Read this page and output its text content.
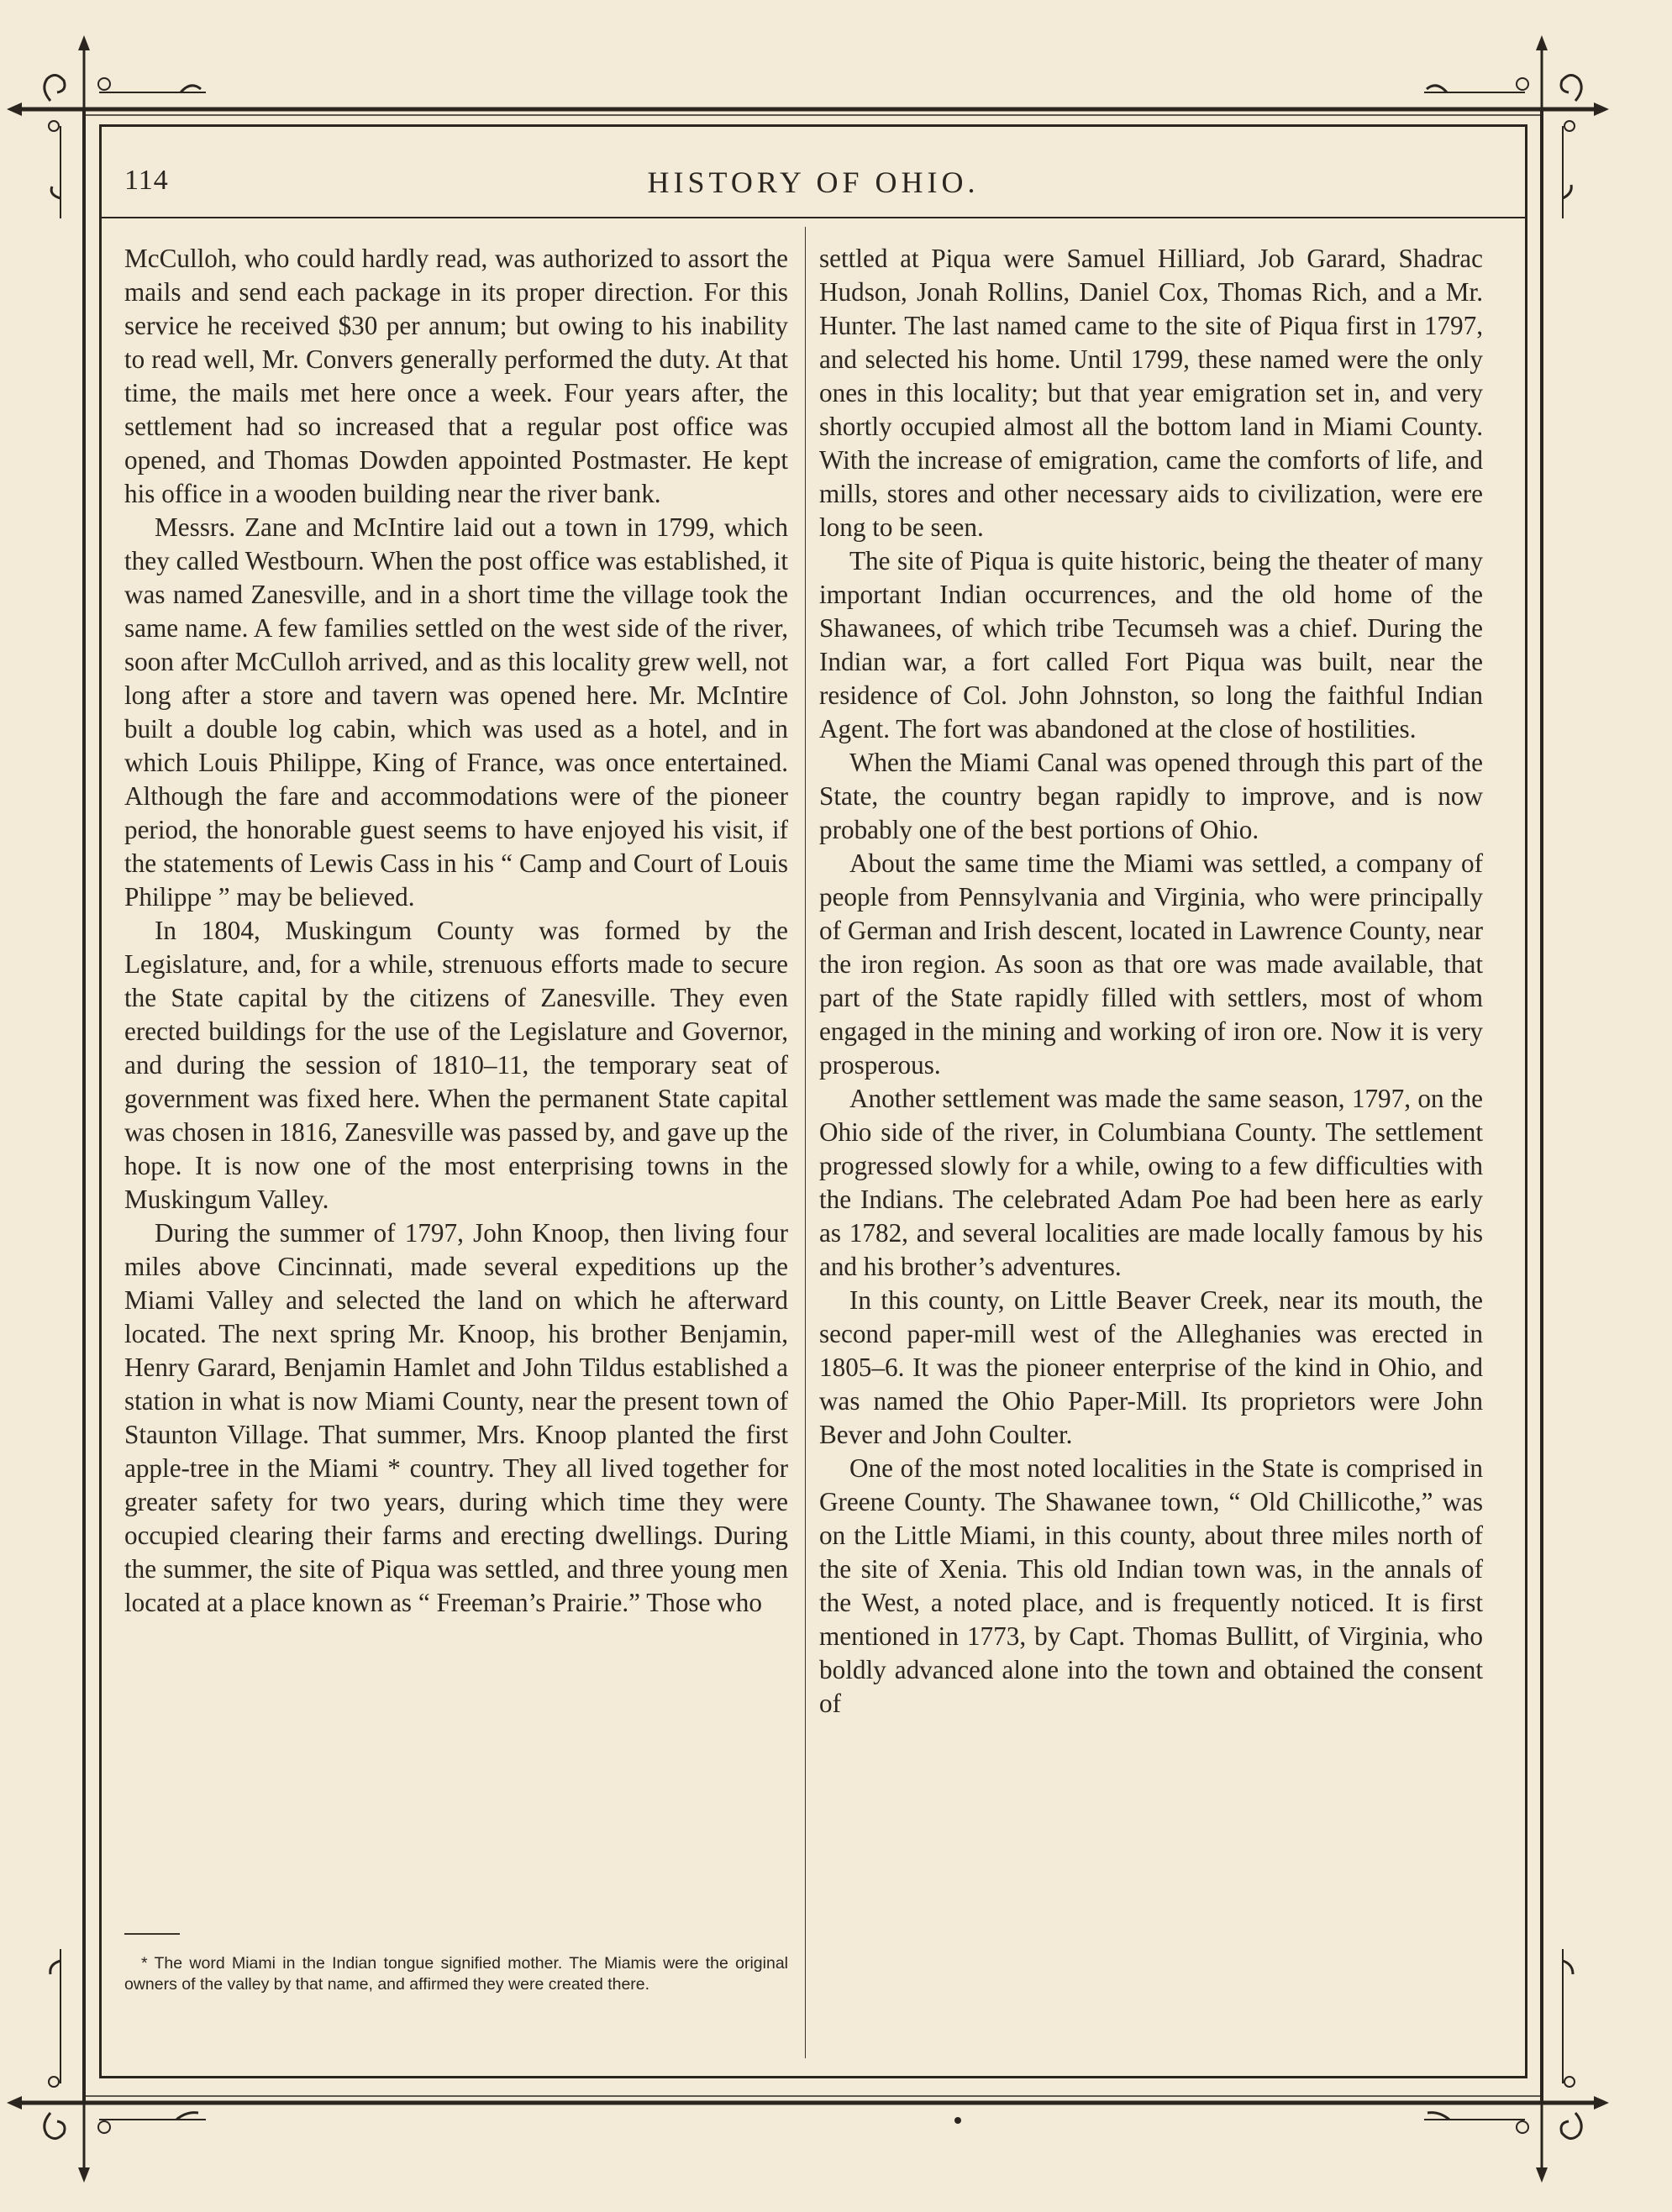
114	HISTORY OF OHIO.

McCulloh, who could hardly read, was authorized to assort the mails and send each package in its proper direction. For this service he received $30 per annum; but owing to his inability to read well, Mr. Convers generally performed the duty. At that time, the mails met here once a week. Four years after, the settlement had so increased that a regular post office was opened, and Thomas Dowden appointed Postmaster. He kept his office in a wooden building near the river bank.

Messrs. Zane and McIntire laid out a town in 1799, which they called Westbourn. When the post office was established, it was named Zanesville, and in a short time the village took the same name. A few families settled on the west side of the river, soon after McCulloh arrived, and as this locality grew well, not long after a store and tavern was opened here. Mr. McIntire built a double log cabin, which was used as a hotel, and in which Louis Philippe, King of France, was once entertained. Although the fare and accommodations were of the pioneer period, the honorable guest seems to have enjoyed his visit, if the statements of Lewis Cass in his “ Camp and Court of Louis Philippe ” may be believed.

In 1804, Muskingum County was formed by the Legislature, and, for a while, strenuous efforts made to secure the State capital by the citizens of Zanesville. They even erected buildings for the use of the Legislature and Governor, and during the session of 1810–11, the temporary seat of government was fixed here. When the permanent State capital was chosen in 1816, Zanesville was passed by, and gave up the hope. It is now one of the most enterprising towns in the Muskingum Valley.

During the summer of 1797, John Knoop, then living four miles above Cincinnati, made several expeditions up the Miami Valley and selected the land on which he afterward located. The next spring Mr. Knoop, his brother Benjamin, Henry Garard, Benjamin Hamlet and John Tildus established a station in what is now Miami County, near the present town of Staunton Village. That summer, Mrs. Knoop planted the first apple-tree in the Miami * country. They all lived together for greater safety for two years, during which time they were occupied clearing their farms and erecting dwellings. During the summer, the site of Piqua was settled, and three young men located at a place known as “ Freeman’s Prairie.” Those who

settled at Piqua were Samuel Hilliard, Job Garard, Shadrac Hudson, Jonah Rollins, Daniel Cox, Thomas Rich, and a Mr. Hunter. The last named came to the site of Piqua first in 1797, and selected his home. Until 1799, these named were the only ones in this locality; but that year emigration set in, and very shortly occupied almost all the bottom land in Miami County. With the increase of emigration, came the comforts of life, and mills, stores and other necessary aids to civilization, were ere long to be seen.

The site of Piqua is quite historic, being the theater of many important Indian occurrences, and the old home of the Shawanees, of which tribe Tecumseh was a chief. During the Indian war, a fort called Fort Piqua was built, near the residence of Col. John Johnston, so long the faithful Indian Agent. The fort was abandoned at the close of hostilities.

When the Miami Canal was opened through this part of the State, the country began rapidly to improve, and is now probably one of the best portions of Ohio.

About the same time the Miami was settled, a company of people from Pennsylvania and Virginia, who were principally of German and Irish descent, located in Lawrence County, near the iron region. As soon as that ore was made available, that part of the State rapidly filled with settlers, most of whom engaged in the mining and working of iron ore. Now it is very prosperous.

Another settlement was made the same season, 1797, on the Ohio side of the river, in Columbiana County. The settlement progressed slowly for a while, owing to a few difficulties with the Indians. The celebrated Adam Poe had been here as early as 1782, and several localities are made locally famous by his and his brother’s adventures.

In this county, on Little Beaver Creek, near its mouth, the second paper-mill west of the Alleghanies was erected in 1805–6. It was the pioneer enterprise of the kind in Ohio, and was named the Ohio Paper-Mill. Its proprietors were John Bever and John Coulter.

One of the most noted localities in the State is comprised in Greene County. The Shawanee town, “ Old Chillicothe,” was on the Little Miami, in this county, about three miles north of the site of Xenia. This old Indian town was, in the annals of the West, a noted place, and is frequently noticed. It is first mentioned in 1773, by Capt. Thomas Bullitt, of Virginia, who boldly advanced alone into the town and obtained the consent of

* The word Miami in the Indian tongue signified mother. The Miamis were the original owners of the valley by that name, and affirmed they were created there.
